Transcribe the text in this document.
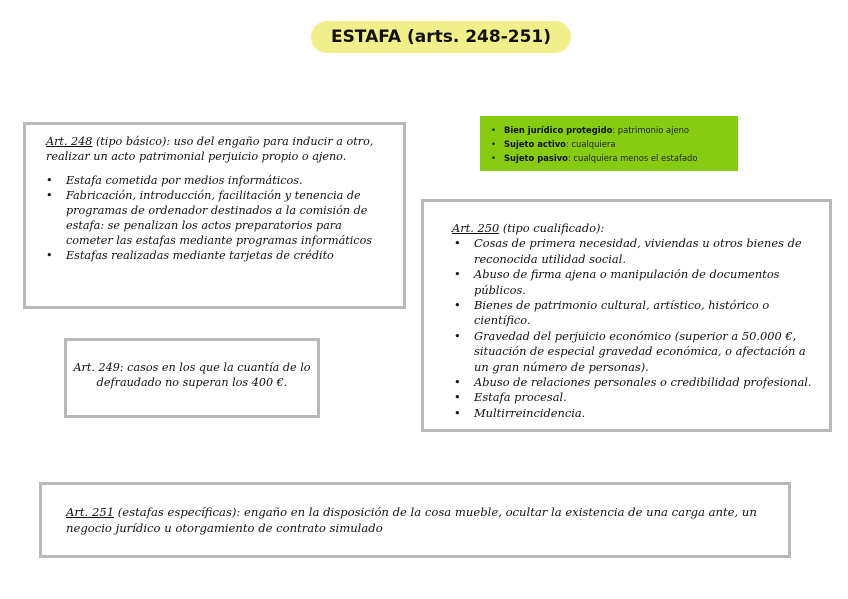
ESTAFA (arts. 248-251)
Art. 248 (tipo básico): uso del engaño para inducir a otro, realizar un acto patrimonial perjuicio propio o ajeno.
• Estafa cometida por medios informáticos.
• Fabricación, introducción, facilitación y tenencia de programas de ordenador destinados a la comisión de estafa: se penalizan los actos preparatorios para cometer las estafas mediante programas informáticos
• Estafas realizadas mediante tarjetas de crédito
• Bien jurídico protegido: patrimonio ajeno
• Sujeto activo: cualquiera
• Sujeto pasivo: cualquiera menos el estafado
Art. 250 (tipo cualificado):
• Cosas de primera necesidad, viviendas u otros bienes de reconocida utilidad social.
• Abuso de firma ajena o manipulación de documentos públicos.
• Bienes de patrimonio cultural, artístico, histórico o científico.
• Gravedad del perjuicio económico (superior a 50.000 €, situación de especial gravedad económica, o afectación a un gran número de personas).
• Abuso de relaciones personales o credibilidad profesional.
• Estafa procesal.
• Multirreincidencia.
Art. 249: casos en los que la cuantía de lo defraudado no superan los 400 €.
Art. 251 (estafas específicas): engaño en la disposición de la cosa mueble, ocultar la existencia de una carga ante, un negocio jurídico u otorgamiento de contrato simulado
